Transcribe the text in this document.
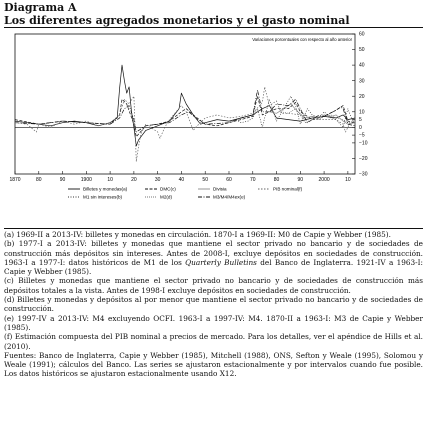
Diagrama A
Los diferentes agregados monetarios y el gasto nominal
Variaciones porcentuales con respecto al año anterior
−30
−20
−10
−5
0
5
10
20
30
40
50
60
1870	80	90	1900	10	20	30	40	50	60	70	80	90	2000	10
Billetes y monedas(a)
M1 sin intereses(b)
DMC(c)
M2(d)
Divisia
M3/M4/M4ex(e)
PIB nominal(f)

(a) 1969-II a 2013-IV: billetes y monedas en circulación. 1870-I a 1969-II: M0 de Capie y Webber (1985).

(b) 1977-I a 2013-IV: billetes y monedas que mantiene el sector privado no bancario y de sociedades de construcción más depósitos sin intereses. Antes de 2008-I, excluye depósitos en sociedades de construcción. 1963-I a 1977-I: datos históricos de M1 de los Quarterly Bulletins del Banco de Inglaterra. 1921-IV a 1963-I: Capie y Webber (1985).

(c) Billetes y monedas que mantiene el sector privado no bancario y de sociedades de construcción más depósitos totales a la vista. Antes de 1998-I excluye depósitos en sociedades de construcción.

(d) Billetes y monedas y depósitos al por menor que mantiene el sector privado no bancario y de sociedades de construcción.

(e) 1997-IV a 2013-IV: M4 excluyendo OCFI. 1963-I a 1997-IV: M4. 1870-II a 1963-I: M3 de Capie y Webber (1985).

(f) Estimación compuesta del PIB nominal a precios de mercado. Para los detalles, ver el apéndice de Hills et al. (2010).

Fuentes: Banco de Inglaterra, Capie y Webber (1985), Mitchell (1988), ONS, Sefton y Weale (1995), Solomou y Weale (1991); cálculos del Banco. Las series se ajustaron estacionalmente y por intervalos cuando fue posible. Los datos históricos se ajustaron estacionalmente usando X12.
